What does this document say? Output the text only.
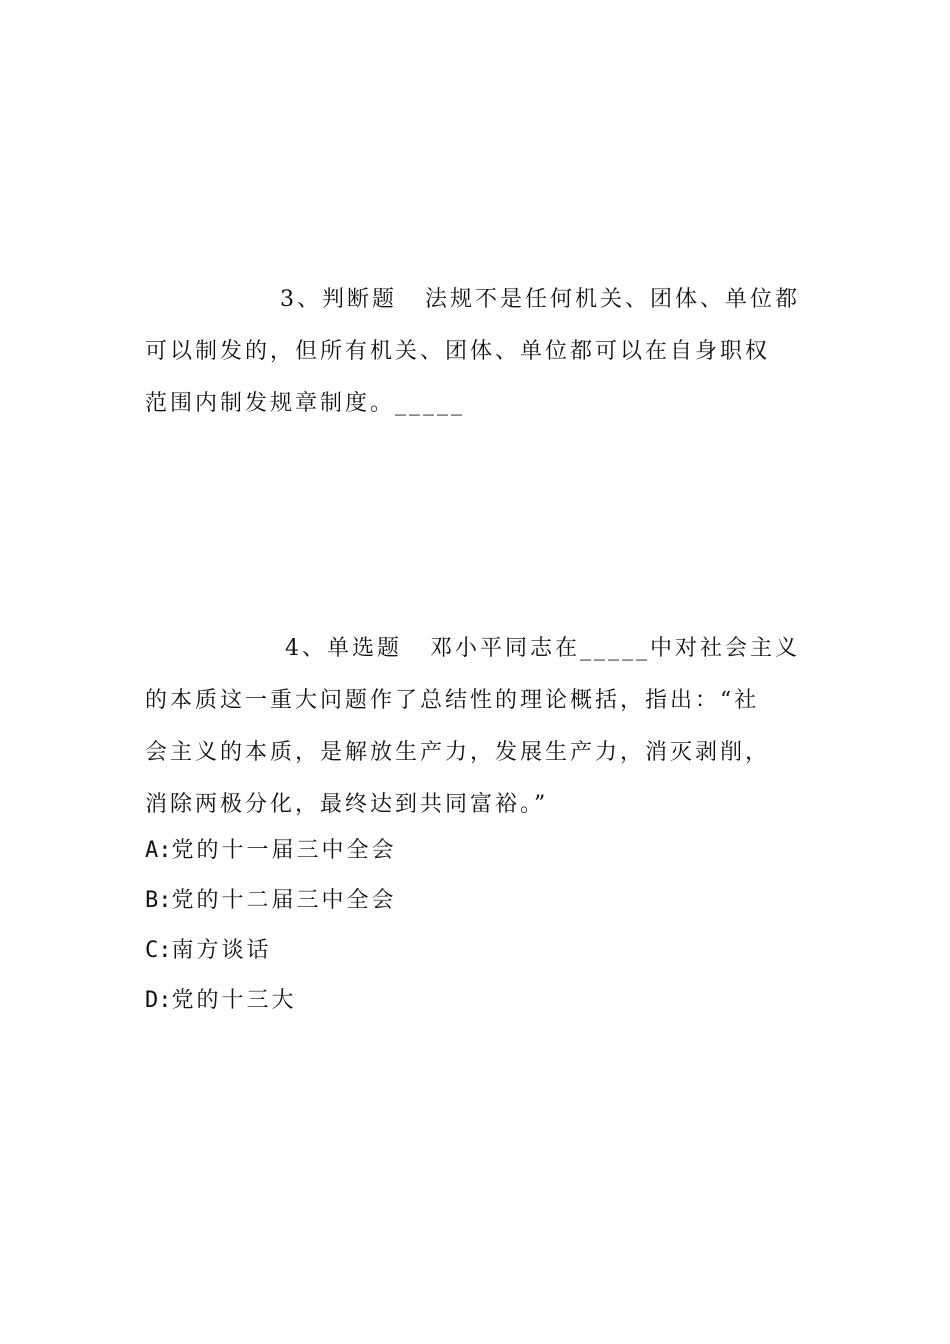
3、判断题 法规不是任何机关、团体、单位都
可以制发的，但所有机关、团体、单位都可以在自身职权
范围内制发规章制度。_____
4、单选题 邓小平同志在_____中对社会主义
的本质这一重大问题作了总结性的理论概括，指出：“社
会主义的本质，是解放生产力，发展生产力，消灭剥削，
消除两极分化，最终达到共同富裕。”
A:党的十一届三中全会
B:党的十二届三中全会
C:南方谈话
D:党的十三大
